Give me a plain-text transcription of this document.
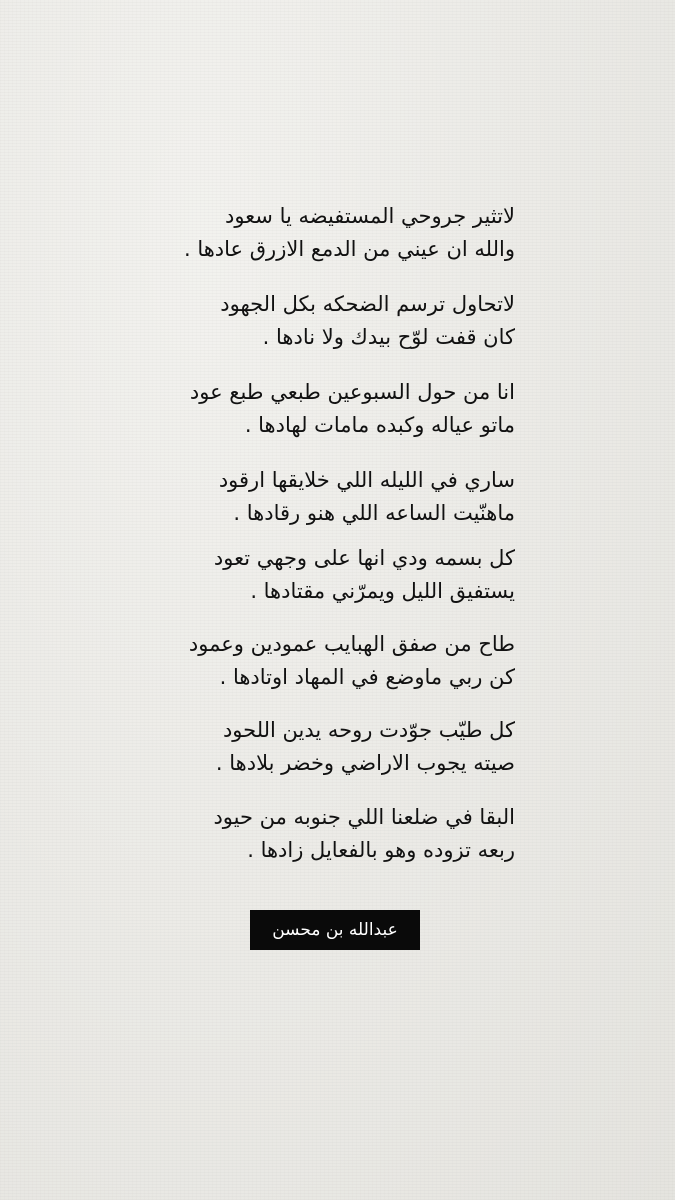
لاتثير جروحي المستفيضه يا سعود
والله ان عيني من الدمع الازرق عادها .
لاتحاول ترسم الضحكه بكل الجهود
كان قفت لوّح بيدك ولا نادها .
انا من حول السبوعين طبعي طبع عود
ماتو عياله وكبده مامات لهادها .
ساري في الليله اللي خلايقها ارقود
ماهنّيت الساعه اللي هنو رقادها .
كل بسمه ودي انها على وجهي تعود
يستفيق الليل ويمرّني مقتادها .
طاح من صفق الهبايب عمودين وعمود
كن ربي ماوضع في المهاد اوتادها .
كل طيّب جوّدت روحه يدين اللحود
صيته يجوب الاراضي وخضر بلادها .
البقا في ضلعنا اللي جنوبه من حيود
ربعه تزوده وهو بالفعايل زادها .
عبدالله بن محسن
